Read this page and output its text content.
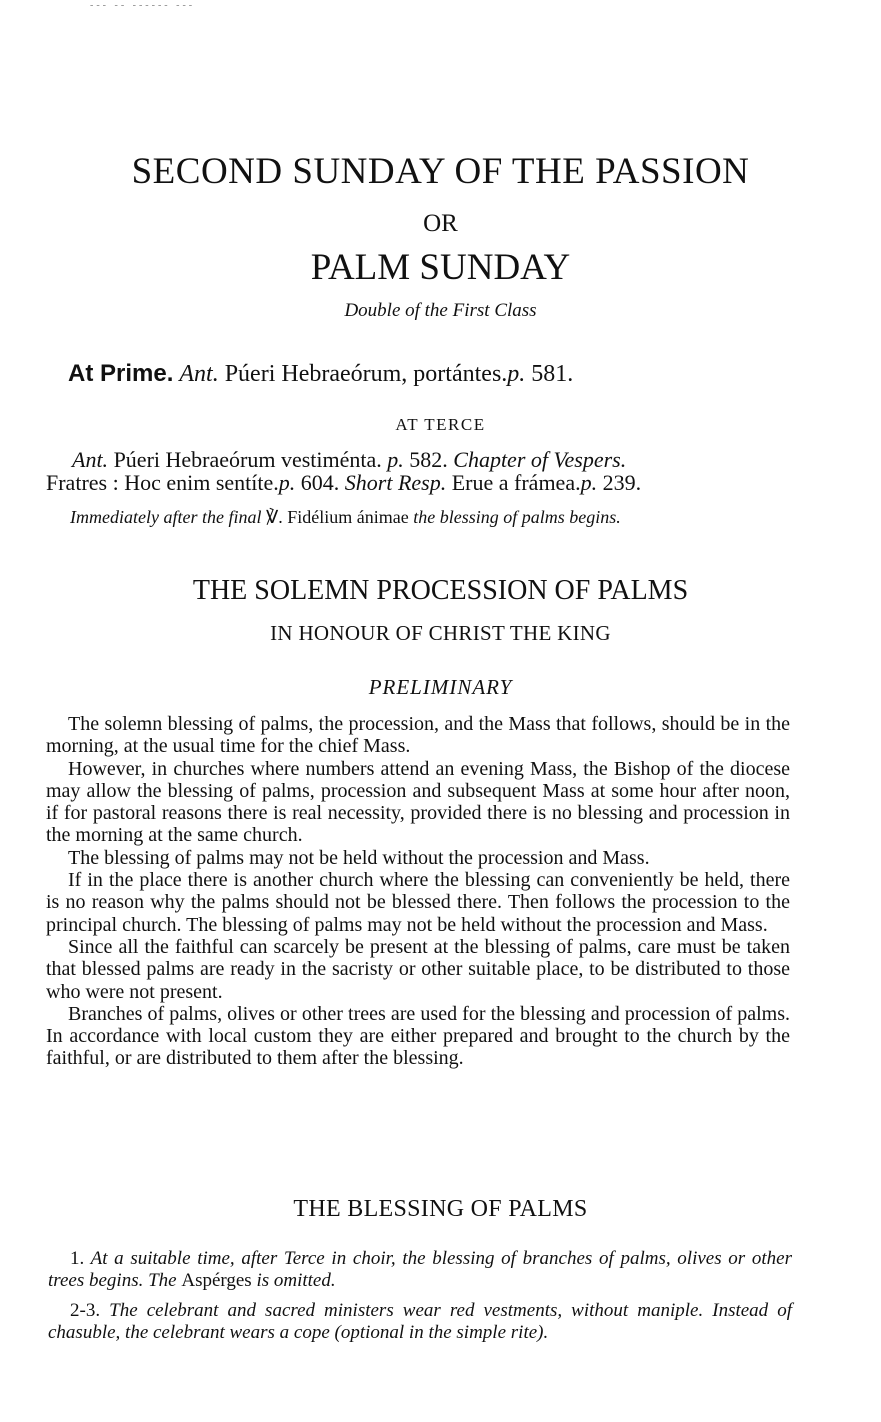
‑‑‑ ‑‑ ‑‑‑‑‑‑ ‑‑‑
SECOND SUNDAY OF THE PASSION
OR
PALM SUNDAY
Double of the First Class
At Prime. Ant. Púeri Hebraeórum, portántes.p. 581.
AT TERCE
Ant. Púeri Hebraeórum vestiménta. p. 582. Chapter of Vespers.
Fratres : Hoc enim sentíte.p. 604. Short Resp. Erue a frámea.p. 239.
Immediately after the final ℣. Fidélium ánimae the blessing of palms begins.
THE SOLEMN PROCESSION OF PALMS
IN HONOUR OF CHRIST THE KING
PRELIMINARY

The solemn blessing of palms, the procession, and the Mass that follows, should be in the morning, at the usual time for the chief Mass.

However, in churches where numbers attend an evening Mass, the Bishop of the diocese may allow the blessing of palms, procession and subsequent Mass at some hour after noon, if for pastoral reasons there is real necessity, provided there is no blessing and procession in the morning at the same church.

The blessing of palms may not be held without the procession and Mass.

If in the place there is another church where the blessing can conveniently be held, there is no reason why the palms should not be blessed there. Then follows the procession to the principal church. The blessing of palms may not be held without the procession and Mass.

Since all the faithful can scarcely be present at the blessing of palms, care must be taken that blessed palms are ready in the sacristy or other suitable place, to be distributed to those who were not present.

Branches of palms, olives or other trees are used for the blessing and procession of palms. In accordance with local custom they are either prepared and brought to the church by the faithful, or are distributed to them after the blessing.

THE BLESSING OF PALMS
1. At a suitable time, after Terce in choir, the blessing of branches of palms, olives or other trees begins. The Aspérges is omitted.
2-3. The celebrant and sacred ministers wear red vestments, without maniple. Instead of chasuble, the celebrant wears a cope (optional in the simple rite).
